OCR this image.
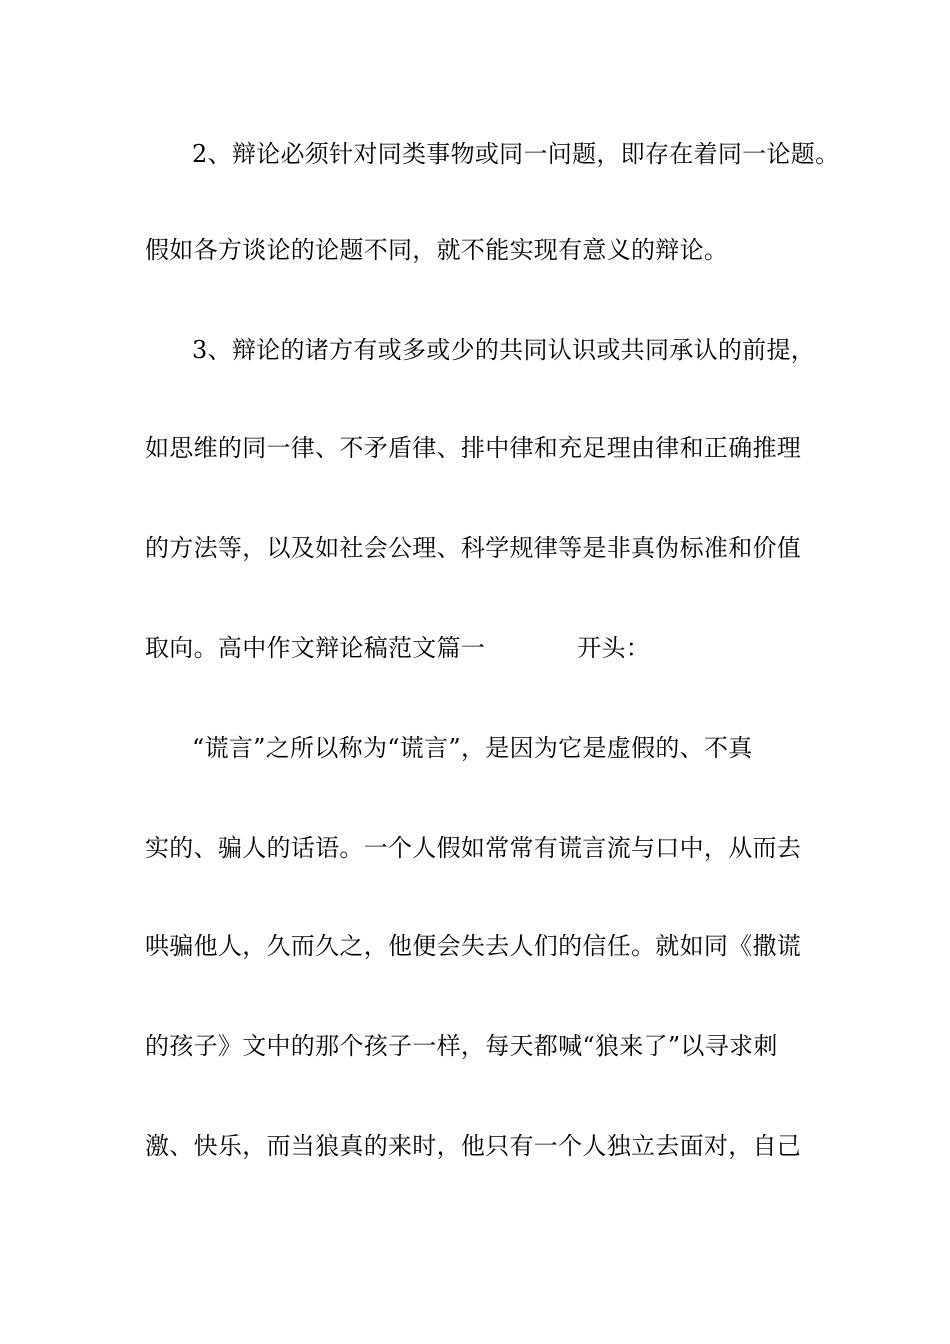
2、辩论必须针对同类事物或同一问题，即存在着同一论题。
假如各方谈论的论题不同，就不能实现有意义的辩论。
3、辩论的诸方有或多或少的共同认识或共同承认的前提，
如思维的同一律、不矛盾律、排中律和充足理由律和正确推理
的方法等，以及如社会公理、科学规律等是非真伪标准和价值
取向。高中作文辩论稿范文篇一	开头：
“谎言”之所以称为“谎言”，是因为它是虚假的、不真
实的、骗人的话语。一个人假如常常有谎言流与口中，从而去
哄骗他人，久而久之，他便会失去人们的信任。就如同《撒谎
的孩子》文中的那个孩子一样，每天都喊“狼来了”以寻求刺
激、快乐，而当狼真的来时，他只有一个人独立去面对，自己
